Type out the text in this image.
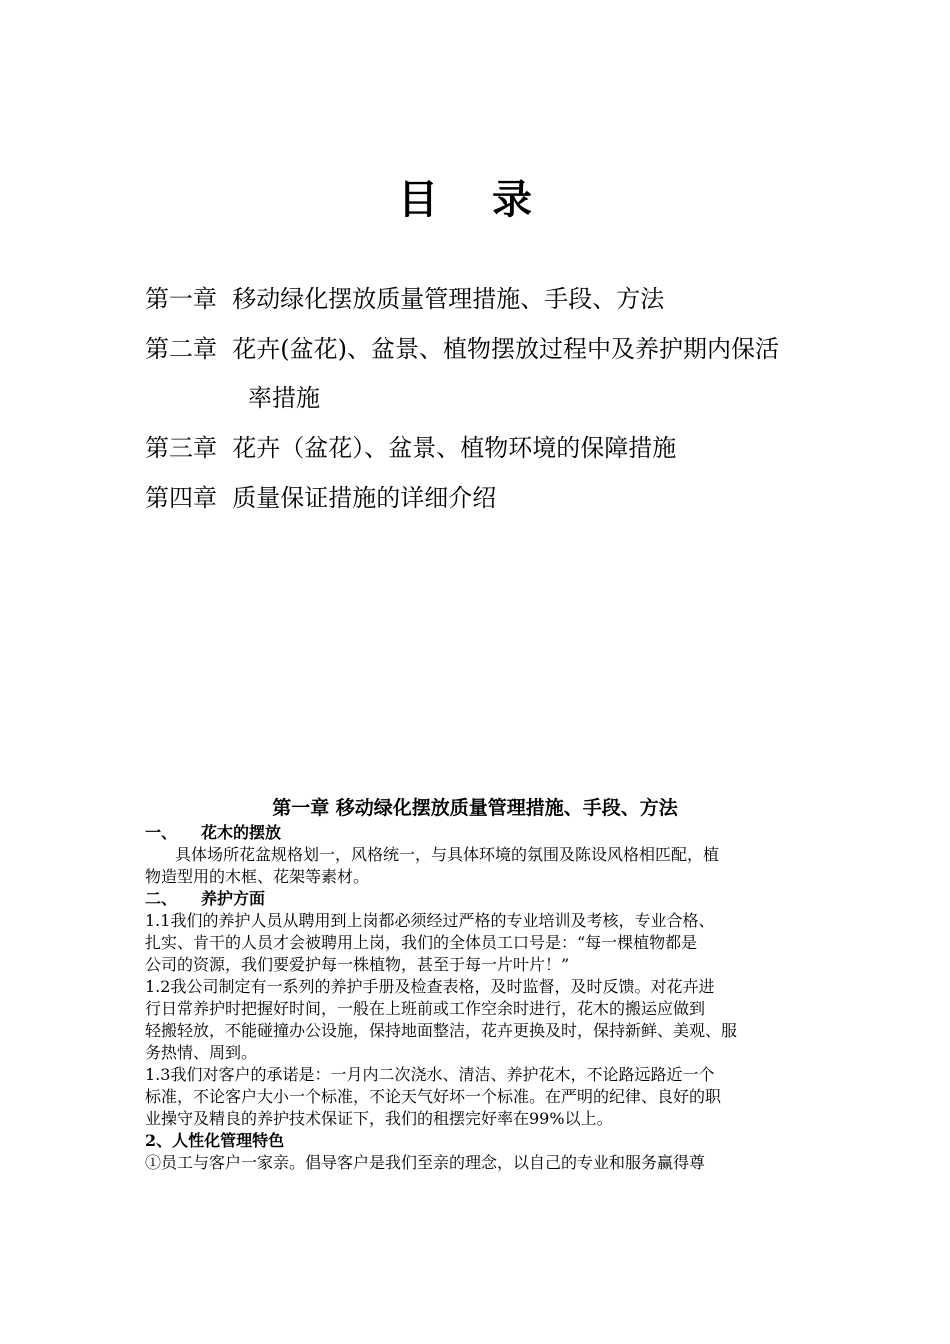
目 录
第一章 移动绿化摆放质量管理措施、手段、方法
第二章 花卉(盆花)、盆景、植物摆放过程中及养护期内保活
率措施
第三章 花卉（盆花）、盆景、植物环境的保障措施
第四章 质量保证措施的详细介绍
第一章 移动绿化摆放质量管理措施、手段、方法
一、 花木的摆放
具体场所花盆规格划一，风格统一，与具体环境的氛围及陈设风格相匹配，植
物造型用的木框、花架等素材。
二、 养护方面
1.1我们的养护人员从聘用到上岗都必须经过严格的专业培训及考核，专业合格、
扎实、肯干的人员才会被聘用上岗，我们的全体员工口号是：“每一棵植物都是
公司的资源，我们要爱护每一株植物，甚至于每一片叶片！”
1.2我公司制定有一系列的养护手册及检查表格，及时监督，及时反馈。对花卉进
行日常养护时把握好时间，一般在上班前或工作空余时进行，花木的搬运应做到
轻搬轻放，不能碰撞办公设施，保持地面整洁，花卉更换及时，保持新鲜、美观、服
务热情、周到。
1.3我们对客户的承诺是：一月内二次浇水、清洁、养护花木，不论路远路近一个
标准，不论客户大小一个标准，不论天气好坏一个标准。在严明的纪律、良好的职
业操守及精良的养护技术保证下，我们的租摆完好率在99%以上。
2、人性化管理特色
①员工与客户一家亲。倡导客户是我们至亲的理念，以自己的专业和服务赢得尊
